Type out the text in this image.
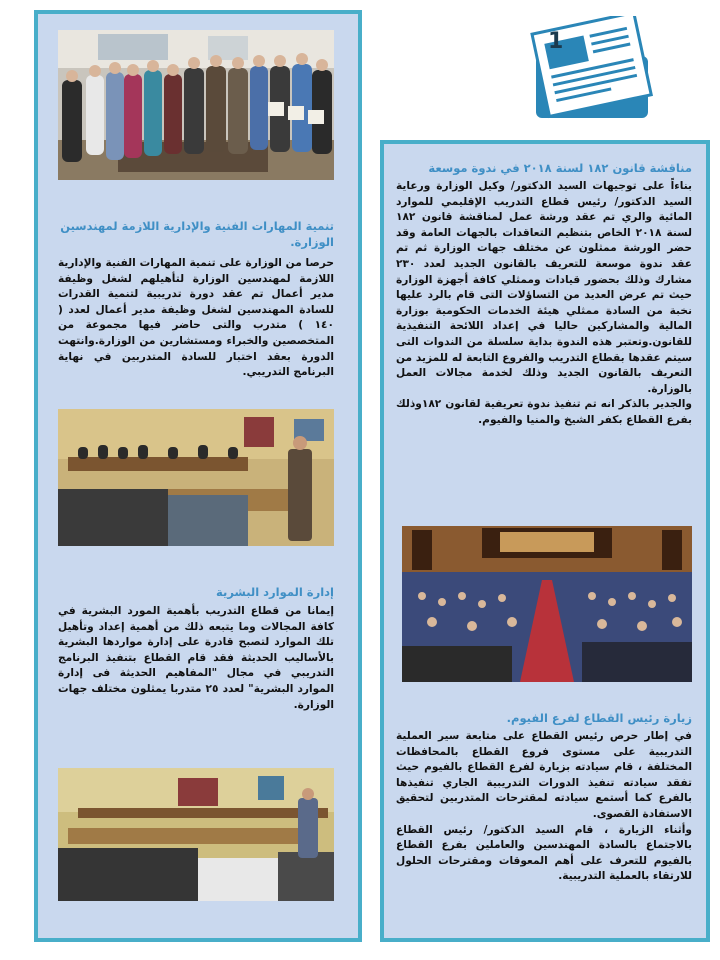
تنمية المهارات الفنية والإدارية اللازمة لمهندسين الوزارة.

حرصا من الوزارة على تنمية المهارات الفنية والإدارية اللازمة لمهندسين الوزارة لتأهيلهم لشغل وظيفة مدير أعمال تم عقد دورة تدريبية لتنمية القدرات للسادة المهندسين لشغل وظيفة مدير أعمال لعدد ( ١٤٠ ) متدرب والتى حاضر فيها مجموعة من المتخصصين والخبراء ومستشارين من الوزارة.وانتهت الدورة بعقد اختبار للسادة المتدربين في نهاية البرنامج التدريبي.

إدارة الموارد البشرية

إيمانا من قطاع التدريب بأهمية المورد البشرية في كافة المجالات وما يتبعه ذلك من أهمية إعداد وتأهيل تلك الموارد لتصبح قادرة على إدارة مواردها البشرية بالأساليب الحديثة فقد قام القطاع بتنفيذ البرنامج التدريبي في مجال "المفاهيم الحديثة فى إدارة الموارد البشرية" لعدد ٢٥ متدربا يمثلون مختلف جهات الوزارة.

1
مناقشة قانون ١٨٢ لسنة ٢٠١٨ في ندوة موسعة

بناءاً على توجيهات السيد الدكتور/ وكيل الوزارة ورعاية السيد الدكتور/ رئيس قطاع التدريب الإقليمي للموارد المائية والري تم عقد ورشة عمل لمناقشة قانون ١٨٢ لسنة ٢٠١٨ الخاص بتنظيم التعاقدات بالجهات العامة وقد حضر الورشة ممثلون عن مختلف جهات الوزارة ثم تم عقد ندوة موسعة للتعريف بالقانون الجديد لعدد ٢٣٠ مشارك وذلك بحضور قيادات وممثلي كافة أجهزة الوزارة حيث تم عرض العديد من التساؤلات التى قام بالرد عليها نخبة من السادة ممثلي هيئة الخدمات الحكومية بوزارة المالية والمشاركين حاليا في إعداد اللائحة التنفيذية للقانون.وتعتبر هذه الندوة بداية سلسلة من الندوات التى سيتم عقدها بقطاع التدريب والفروع التابعة له للمزيد من التعريف بالقانون الجديد وذلك لخدمة مجالات العمل بالوزارة.

والجدير بالذكر انه تم تنفيذ ندوة تعريفية لقانون ١٨٢وذلك بفرع القطاع بكفر الشيخ والمنيا والفيوم.

زيارة رئيس القطاع لفرع الفيوم.

في إطار حرص رئيس القطاع على متابعة سير العملية التدريبية على مستوى فروع القطاع بالمحافظات المختلفة ، قام سيادته بزيارة لفرع القطاع بالفيوم حيث تفقد سيادته تنفيذ الدورات التدريبية الجاري تنفيذها بالفرع كما أستمع سيادته لمقترحات المتدربين لتحقيق الاستفادة القصوى.

وأثناء الزيارة ، قام السيد الدكتور/ رئيس القطاع بالاجتماع بالسادة المهندسين والعاملين بفرع القطاع بالفيوم للتعرف على أهم المعوقات ومقترحات الحلول للارتقاء بالعملية التدريبية.
